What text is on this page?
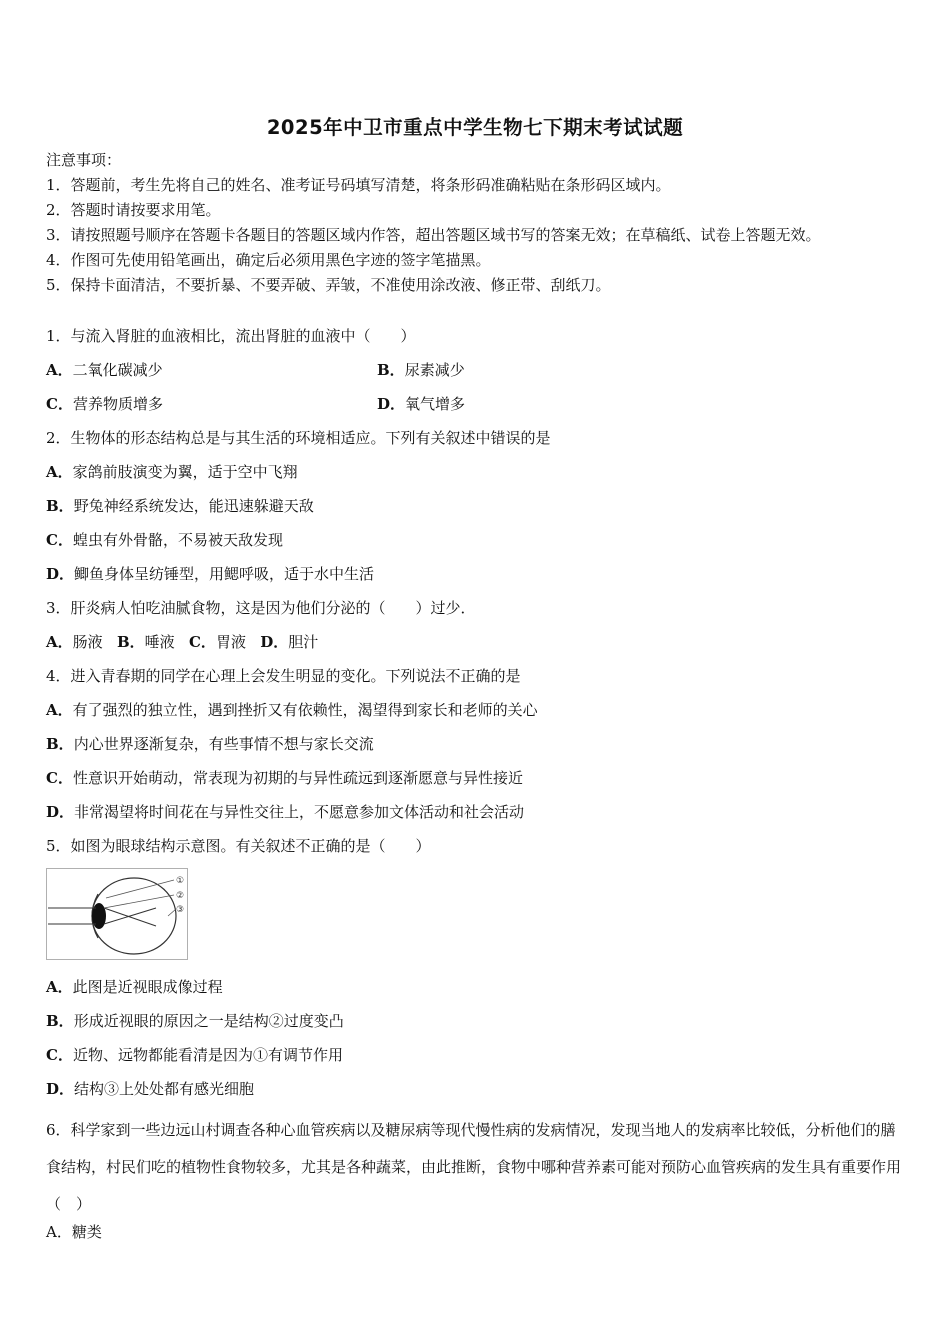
2025年中卫市重点中学生物七下期末考试试题
注意事项：
1．答题前，考生先将自己的姓名、准考证号码填写清楚，将条形码准确粘贴在条形码区域内。
2．答题时请按要求用笔。
3．请按照题号顺序在答题卡各题目的答题区域内作答，超出答题区域书写的答案无效；在草稿纸、试卷上答题无效。
4．作图可先使用铅笔画出，确定后必须用黑色字迹的签字笔描黑。
5．保持卡面清洁，不要折暴、不要弄破、弄皱，不准使用涂改液、修正带、刮纸刀。
1．与流入肾脏的血液相比，流出肾脏的血液中（　　）
A．二氧化碳减少	B．尿素减少
C．营养物质增多	D．氧气增多
2．生物体的形态结构总是与其生活的环境相适应。下列有关叙述中错误的是
A．家鸽前肢演变为翼，适于空中飞翔
B．野兔神经系统发达，能迅速躲避天敌
C．蝗虫有外骨骼，不易被天敌发现
D．鲫鱼身体呈纺锤型，用鳃呼吸，适于水中生活
3．肝炎病人怕吃油腻食物，这是因为他们分泌的（　　）过少．
A．肠液 B．唾液 C．胃液 D．胆汁
4．进入青春期的同学在心理上会发生明显的变化。下列说法不正确的是
A．有了强烈的独立性，遇到挫折又有依赖性，渴望得到家长和老师的关心
B．内心世界逐渐复杂，有些事情不想与家长交流
C．性意识开始萌动，常表现为初期的与异性疏远到逐渐愿意与异性接近
D．非常渴望将时间花在与异性交往上，不愿意参加文体活动和社会活动
5．如图为眼球结构示意图。有关叙述不正确的是（　　）
①
②
③
A．此图是近视眼成像过程
B．形成近视眼的原因之一是结构②过度变凸
C．近物、远物都能看清是因为①有调节作用
D．结构③上处处都有感光细胞
6．科学家到一些边远山村调查各种心血管疾病以及糖尿病等现代慢性病的发病情况，发现当地人的发病率比较低，分析他们的膳食结构，村民们吃的植物性食物较多，尤其是各种蔬菜，由此推断，食物中哪种营养素可能对预防心血管疾病的发生具有重要作用（　）
A．糖类
